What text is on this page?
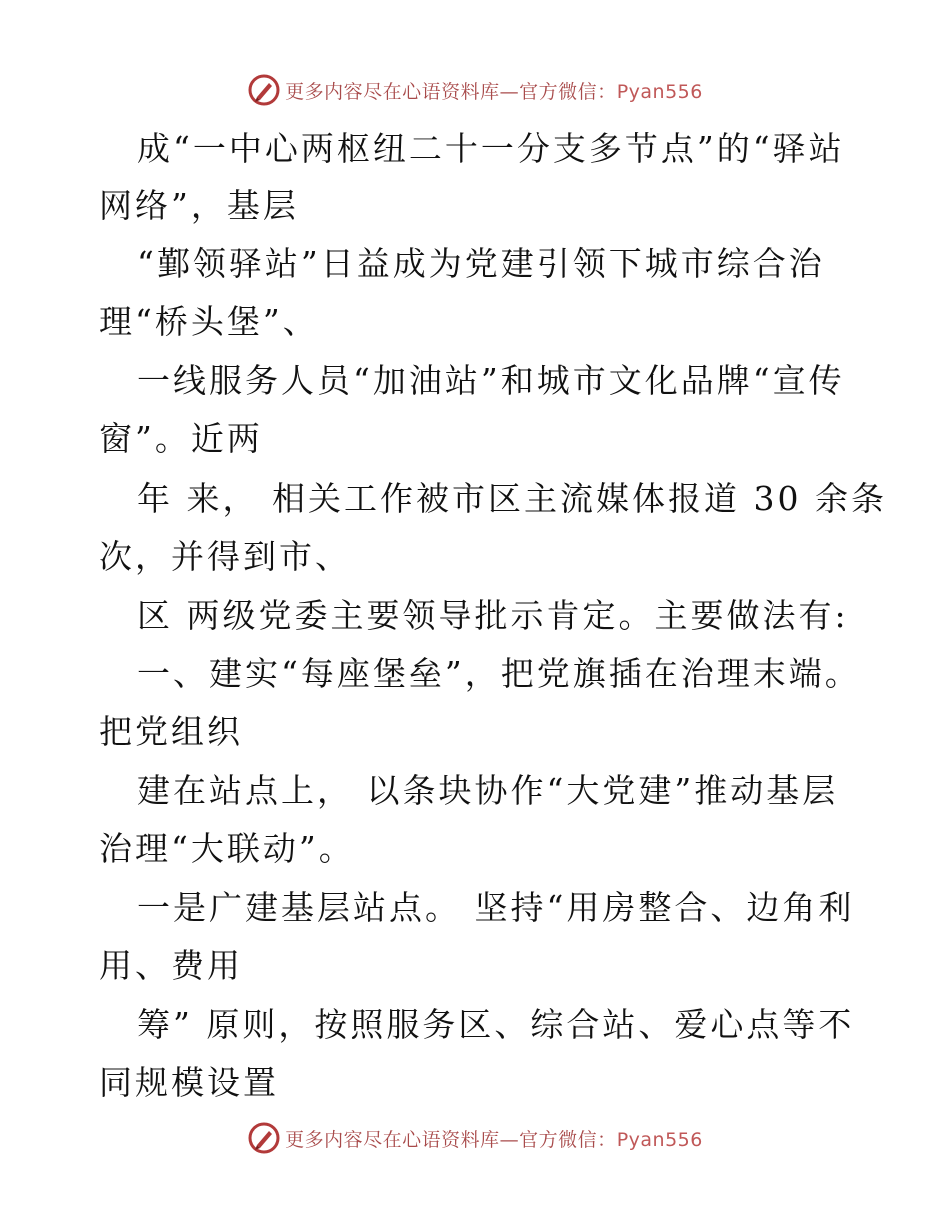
更多内容尽在心语资料库—官方微信：Pyan556
成“一中心两枢纽二十一分支多节点”的“驿站
网络”，基层
“鄞领驿站”日益成为党建引领下城市综合治
理“桥头堡”、
一线服务人员“加油站”和城市文化品牌“宣传
窗”。近两
年 来， 相关工作被市区主流媒体报道 30 余条
次，并得到市、
区 两级党委主要领导批示肯定。主要做法有:
一、建实“每座堡垒”，把党旗插在治理末端。
把党组织
建在站点上， 以条块协作“大党建”推动基层
治理“大联动”。
一是广建基层站点。 坚持“用房整合、边角利
用、费用
筹” 原则，按照服务区、综合站、爱心点等不
同规模设置
更多内容尽在心语资料库—官方微信：Pyan556
